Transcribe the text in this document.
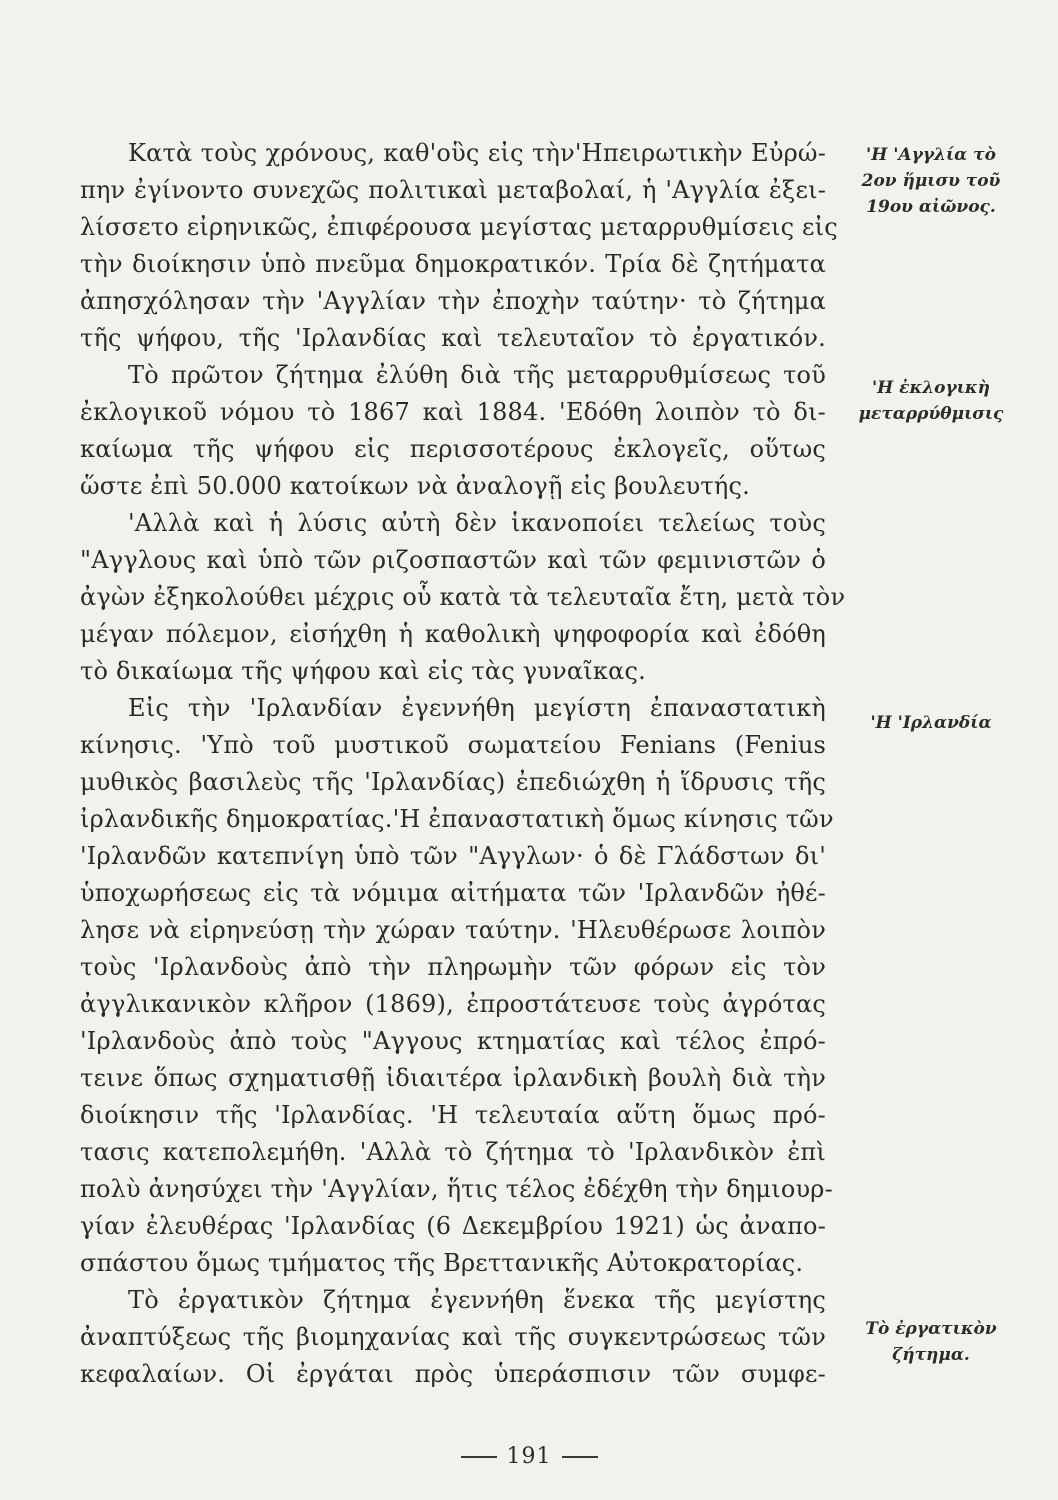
Κατὰ τοὺς χρόνους, καθ'οὓς εἰς τὴν'Ηπειρωτικὴν Εὐρώ-
πην ἐγίνοντο συνεχῶς πολιτικαὶ μεταβολαί, ἡ 'Αγγλία ἐξει-
λίσσετο εἰρηνικῶς, ἐπιφέρουσα μεγίστας μεταρρυθμίσεις εἰς
τὴν διοίκησιν ὑπὸ πνεῦμα δημοκρατικόν. Τρία δὲ ζητήματα
ἀπησχόλησαν τὴν 'Αγγλίαν τὴν ἐποχὴν ταύτην· τὸ ζήτημα
τῆς ψήφου, τῆς 'Ιρλανδίας καὶ τελευταῖον τὸ ἐργατικόν.
Τὸ πρῶτον ζήτημα ἐλύθη διὰ τῆς μεταρρυθμίσεως τοῦ
ἐκλογικοῦ νόμου τὸ 1867 καὶ 1884. 'Εδόθη λοιπὸν τὸ δι-
καίωμα τῆς ψήφου εἰς περισσοτέρους ἐκλογεῖς, οὕτως
ὥστε ἐπὶ 50.000 κατοίκων νὰ ἀναλογῇ εἰς βουλευτής.
'Αλλὰ καὶ ἡ λύσις αὐτὴ δὲν ἱκανοποίει τελείως τοὺς
"Αγγλους καὶ ὑπὸ τῶν ριζοσπαστῶν καὶ τῶν φεμινιστῶν ὁ
ἀγὼν ἐξηκολούθει μέχρις οὗ κατὰ τὰ τελευταῖα ἔτη, μετὰ τὸν
μέγαν πόλεμον, εἰσήχθη ἡ καθολικὴ ψηφοφορία καὶ ἐδόθη
τὸ δικαίωμα τῆς ψήφου καὶ εἰς τὰς γυναῖκας.
Εἰς τὴν 'Ιρλανδίαν ἐγεννήθη μεγίστη ἐπαναστατικὴ
κίνησις. 'Υπὸ τοῦ μυστικοῦ σωματείου Fenians (Fenius
μυθικὸς βασιλεὺς τῆς 'Ιρλανδίας) ἐπεδιώχθη ἡ ἵδρυσις τῆς
ἰρλανδικῆς δημοκρατίας.'Η ἐπαναστατικὴ ὅμως κίνησις τῶν
'Ιρλανδῶν κατεπνίγη ὑπὸ τῶν "Αγγλων· ὁ δὲ Γλάδστων δι'
ὑποχωρήσεως εἰς τὰ νόμιμα αἰτήματα τῶν 'Ιρλανδῶν ἠθέ-
λησε νὰ εἰρηνεύσῃ τὴν χώραν ταύτην. 'Ηλευθέρωσε λοιπὸν
τοὺς 'Ιρλανδοὺς ἀπὸ τὴν πληρωμὴν τῶν φόρων εἰς τὸν
ἀγγλικανικὸν κλῆρον (1869), ἐπροστάτευσε τοὺς ἀγρότας
'Ιρλανδοὺς ἀπὸ τοὺς "Αγγους κτηματίας καὶ τέλος ἐπρό-
τεινε ὅπως σχηματισθῇ ἰδιαιτέρα ἰρλανδικὴ βουλὴ διὰ τὴν
διοίκησιν τῆς 'Ιρλανδίας. 'Η τελευταία αὕτη ὅμως πρό-
τασις κατεπολεμήθη. 'Αλλὰ τὸ ζήτημα τὸ 'Ιρλανδικὸν ἐπὶ
πολὺ ἀνησύχει τὴν 'Αγγλίαν, ἥτις τέλος ἐδέχθη τὴν δημιουρ-
γίαν ἐλευθέρας 'Ιρλανδίας (6 Δεκεμβρίου 1921) ὡς ἀναπο-
σπάστου ὅμως τμήματος τῆς Βρεττανικῆς Αὐτοκρατορίας.
Τὸ ἐργατικὸν ζήτημα ἐγεννήθη ἕνεκα τῆς μεγίστης
ἀναπτύξεως τῆς βιομηχανίας καὶ τῆς συγκεντρώσεως τῶν
κεφαλαίων. Οἱ ἐργάται πρὸς ὑπεράσπισιν τῶν συμφε-
'Η 'Αγγλία τὸ
2ον ἥμισυ τοῦ
19ου αἰῶνος.
'Η ἐκλογικὴ
μεταρρύθμισις
'Η 'Ιρλανδία
Τὸ ἐργατικὸν
ζήτημα.
191
